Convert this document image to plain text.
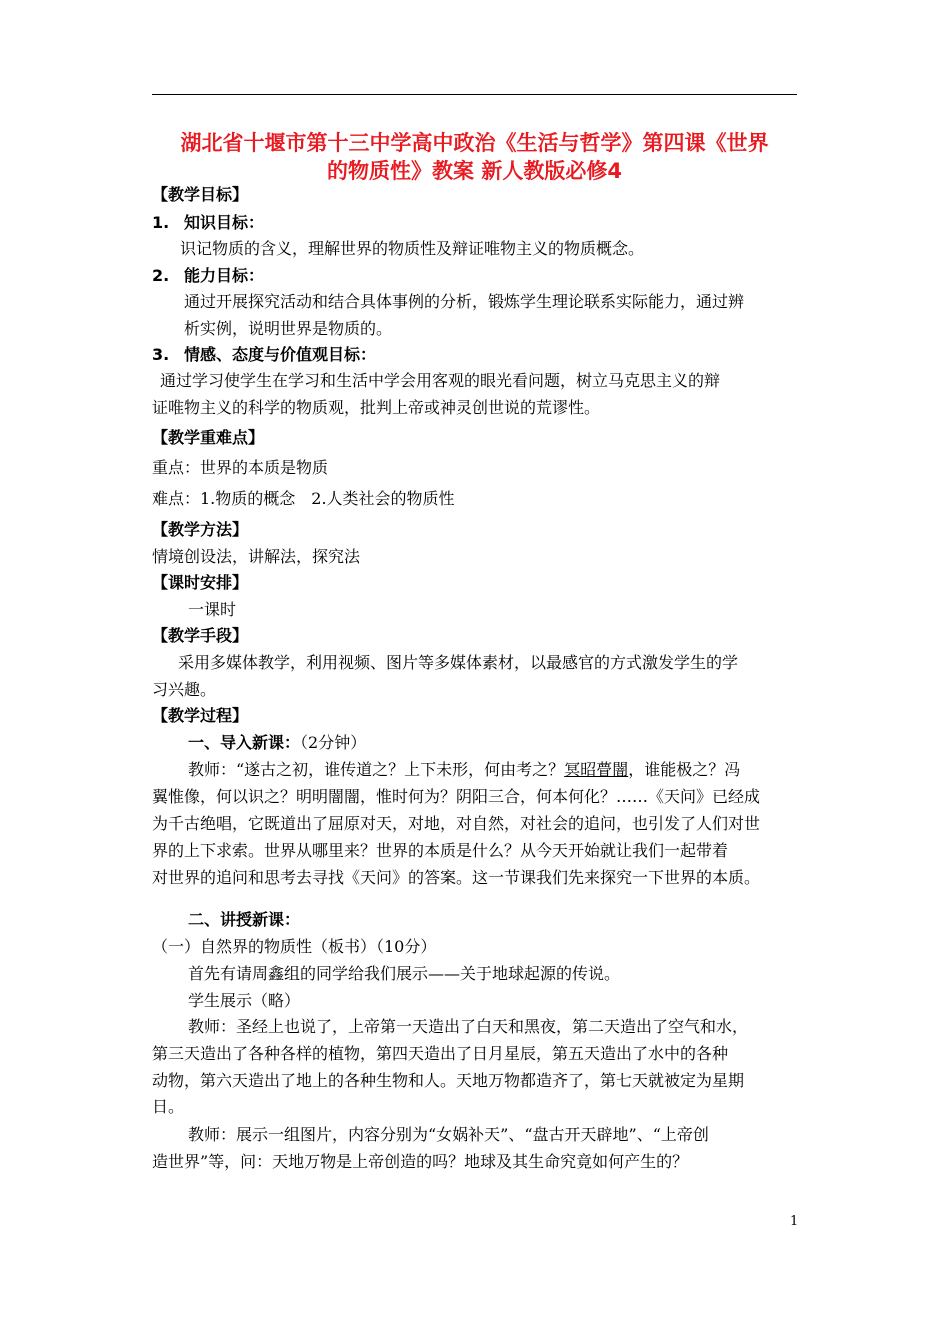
湖北省十堰市第十三中学高中政治《生活与哲学》第四课《世界
的物质性》教案 新人教版必修4
【教学目标】
1. 知识目标：
识记物质的含义，理解世界的物质性及辩证唯物主义的物质概念。
2. 能力目标：
通过开展探究活动和结合具体事例的分析，锻炼学生理论联系实际能力，通过辨
析实例，说明世界是物质的。
3. 情感、态度与价值观目标：
通过学习使学生在学习和生活中学会用客观的眼光看问题，树立马克思主义的辩
证唯物主义的科学的物质观，批判上帝或神灵创世说的荒谬性。
【教学重难点】
重点：世界的本质是物质
难点：1.物质的概念　2.人类社会的物质性
【教学方法】
情境创设法，讲解法，探究法
【课时安排】
一课时
【教学手段】
采用多媒体教学，利用视频、图片等多媒体素材，以最感官的方式激发学生的学
习兴趣。
【教学过程】
一、导入新课：（2分钟）
教师：“遂古之初，谁传道之？上下未形，何由考之？冥昭瞢闇，谁能极之？冯
翼惟像，何以识之？明明闇闇，惟时何为？阴阳三合，何本何化？……《天问》已经成
为千古绝唱，它既道出了屈原对天，对地，对自然，对社会的追问，也引发了人们对世
界的上下求索。世界从哪里来？世界的本质是什么？从今天开始就让我们一起带着
对世界的追问和思考去寻找《天问》的答案。这一节课我们先来探究一下世界的本质。
二、讲授新课：
（一）自然界的物质性（板书）（10分）
首先有请周鑫组的同学给我们展示——关于地球起源的传说。
学生展示（略）
教师：圣经上也说了，上帝第一天造出了白天和黑夜，第二天造出了空气和水，
第三天造出了各种各样的植物，第四天造出了日月星辰，第五天造出了水中的各种
动物，第六天造出了地上的各种生物和人。天地万物都造齐了，第七天就被定为星期
日。
教师：展示一组图片，内容分别为“女娲补天”、“盘古开天辟地”、“上帝创
造世界”等，问：天地万物是上帝创造的吗？地球及其生命究竟如何产生的？
1
